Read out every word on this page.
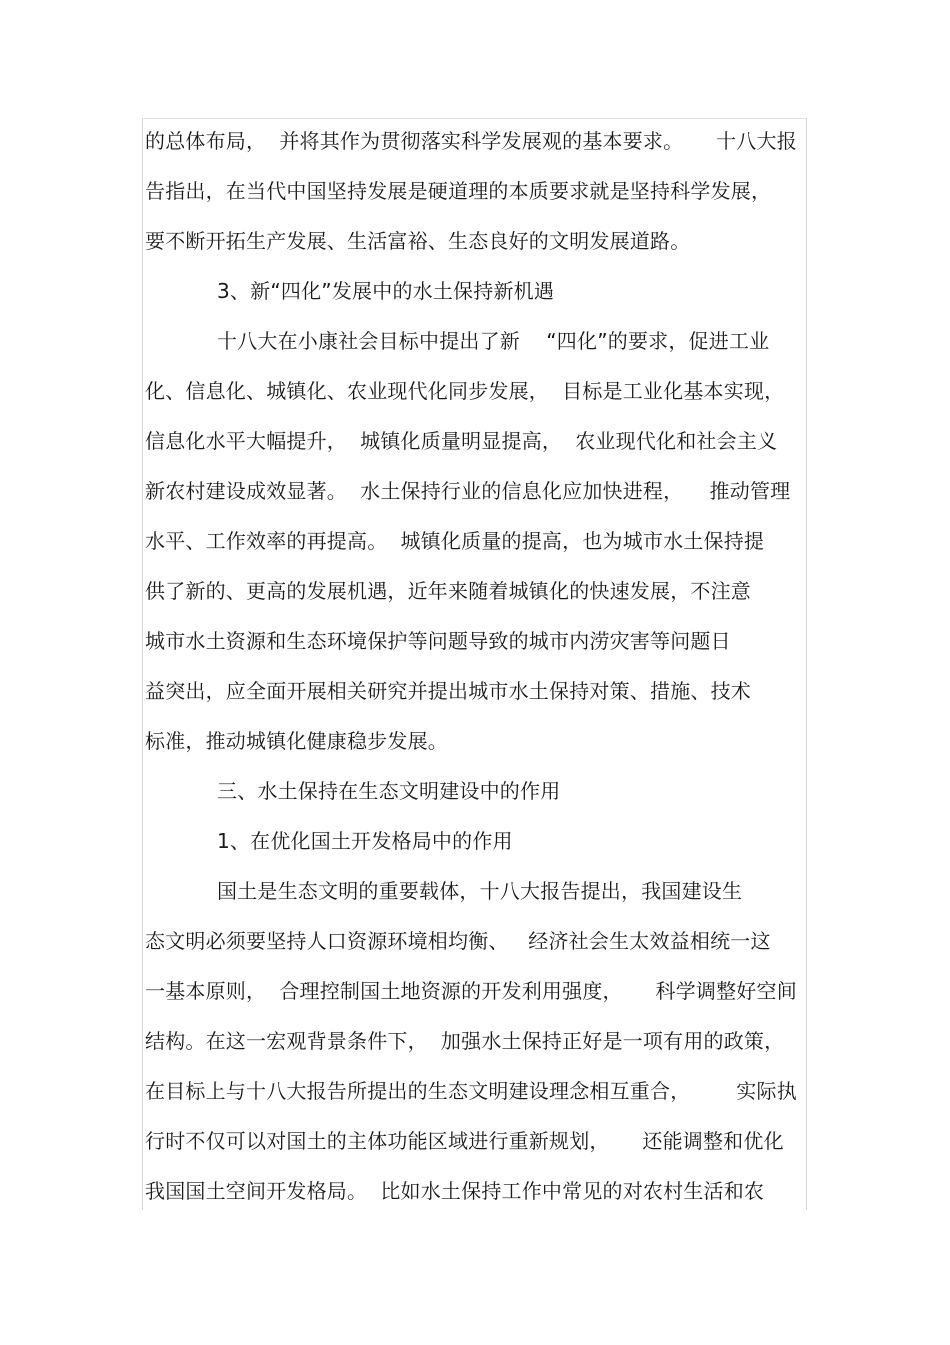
的总体布局，  并将其作为贯彻落实科学发展观的基本要求。     十八大报
告指出，在当代中国坚持发展是硬道理的本质要求就是坚持科学发展，
要不断开拓生产发展、生活富裕、生态良好的文明发展道路。
3、新“四化”发展中的水土保持新机遇
十八大在小康社会目标中提出了新    “四化”的要求，促进工业
化、信息化、城镇化、农业现代化同步发展，  目标是工业化基本实现，
信息化水平大幅提升，  城镇化质量明显提高，  农业现代化和社会主义
新农村建设成效显著。  水土保持行业的信息化应加快进程，    推动管理
水平、工作效率的再提高。  城镇化质量的提高，也为城市水土保持提
供了新的、更高的发展机遇，近年来随着城镇化的快速发展，不注意
城市水土资源和生态环境保护等问题导致的城市内涝灾害等问题日
益突出，应全面开展相关研究并提出城市水土保持对策、措施、技术
标准，推动城镇化健康稳步发展。
三、水土保持在生态文明建设中的作用
1、在优化国土开发格局中的作用
国土是生态文明的重要载体，十八大报告提出，我国建设生
态文明必须要坚持人口资源环境相均衡、   经济社会生太效益相统一这
一基本原则，  合理控制国土地资源的开发利用强度，     科学调整好空间
结构。在这一宏观背景条件下，  加强水土保持正好是一项有用的政策，
在目标上与十八大报告所提出的生态文明建设理念相互重合，       实际执
行时不仅可以对国土的主体功能区域进行重新规划，     还能调整和优化
我国国土空间开发格局。  比如水土保持工作中常见的对农村生活和农
